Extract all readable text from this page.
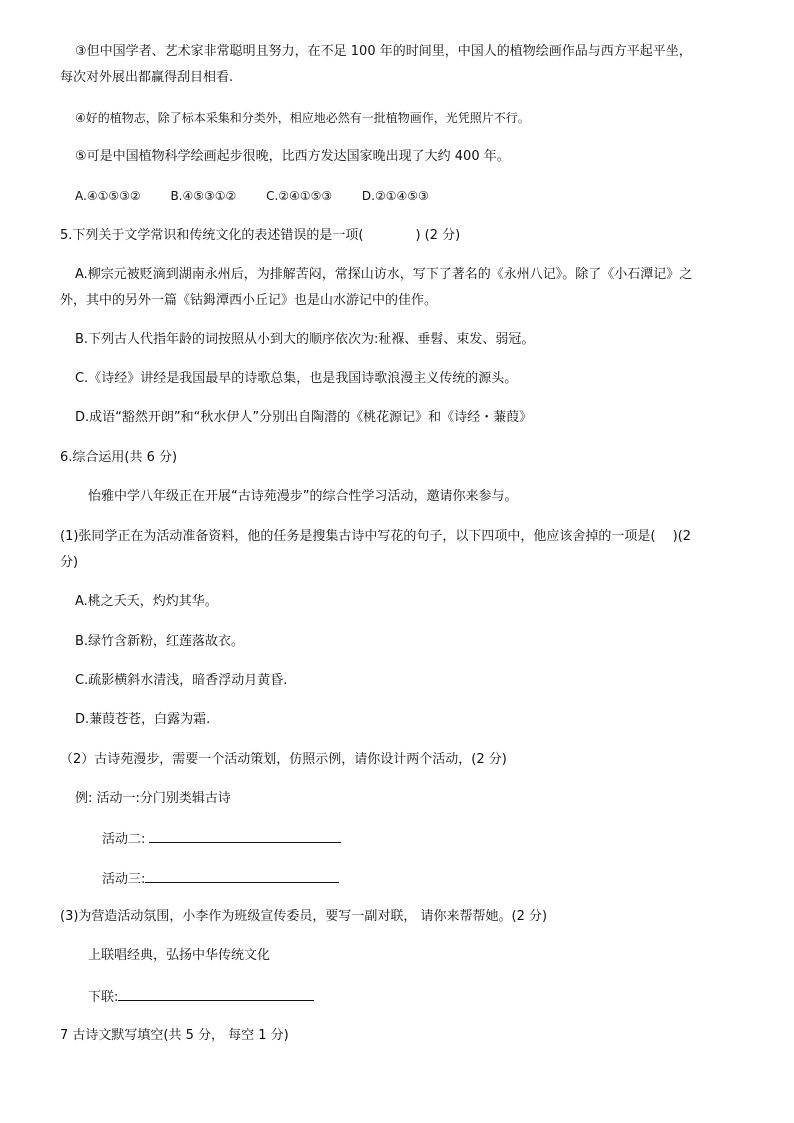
③但中国学者、艺术家非常聪明且努力，在不足 100 年的时间里，中国人的植物绘画作品与西方平起平坐，
每次对外展出都赢得刮目相看.
④好的植物志，除了标本采集和分类外，相应地必然有一批植物画作，光凭照片不行。
⑤可是中国植物科学绘画起步很晚，比西方发达国家晚出现了大约 400 年。
A.④①⑤③② B.④⑤③①② C.②④①⑤③ D.②①④⑤③
5.下列关于文学常识和传统文化的表述错误的是一项(　　　　) (2 分)
A.柳宗元被贬滴到湖南永州后，为排解苦闷，常探山访水，写下了著名的《永州八记》。除了《小石潭记》之
外，其中的另外一篇《钴鉧潭西小丘记》也是山水游记中的佳作。
B.下列古人代指年龄的词按照从小到大的顺序依次为:䄳褓、垂髫、束发、弱冠。
C.《诗经》讲经是我国最早的诗歌总集，也是我国诗歌浪漫主义传统的源头。
D.成语“豁然开朗”和“秋水伊人”分别出自陶潜的《桃花源记》和《诗经・蒹葭》
6.综合运用(共 6 分)
怡雅中学八年级正在开展“古诗苑漫步”的综合性学习活动，邀请你来参与。
(1)张同学正在为活动准备资料，他的任务是搜集古诗中写花的句子，以下四项中，他应该舍掉的一项是(　 )(2
分)
A.桃之夭夭，灼灼其华。
B.绿竹含新粉，红莲落故衣。
C.疏影横斜水清浅，暗香浮动月黄昏.
D.蒹葭苍苍，白露为霜.
（2）古诗苑漫步，需要一个活动策划，仿照示例，请你设计两个活动，(2 分)
例: 活动一:分门别类辑古诗
活动二:
活动三:
(3)为营造活动氛围，小李作为班级宣传委员，要写一副对联， 请你来帮帮她。(2 分)
上联唱经典，弘扬中华传统文化
下联:
7 古诗文默写填空(共 5 分， 每空 1 分)
